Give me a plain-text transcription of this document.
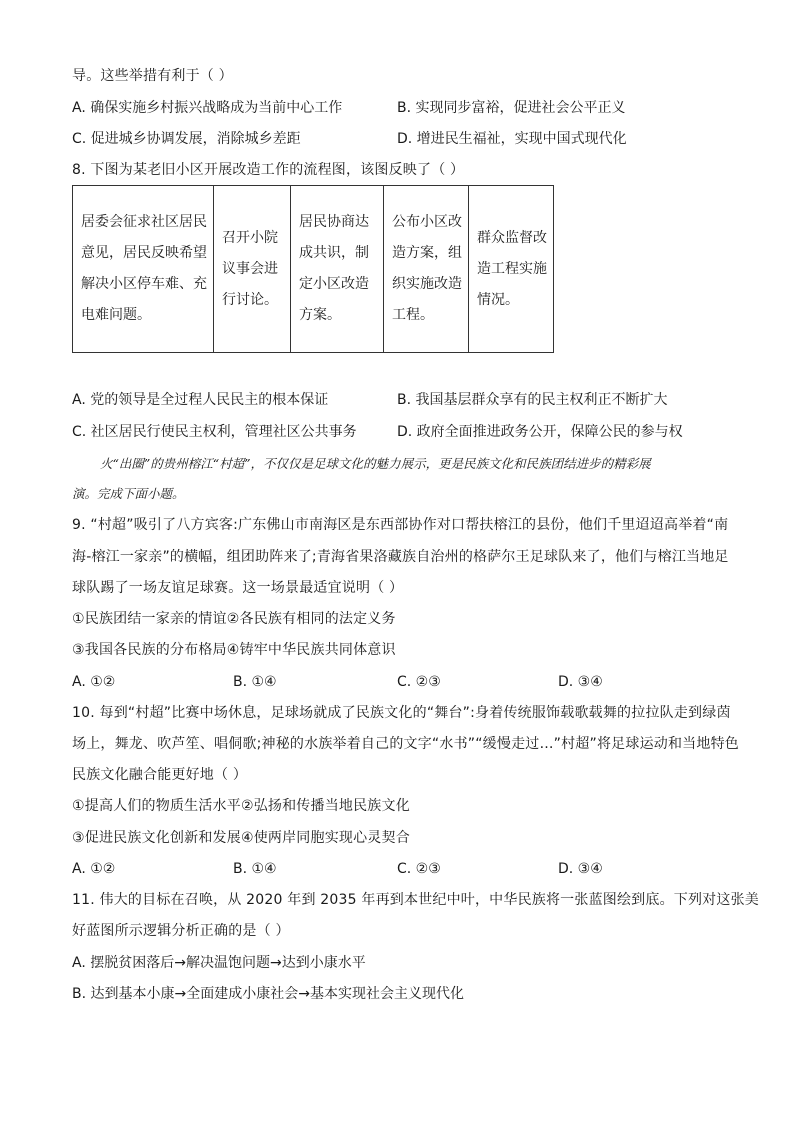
导。这些举措有利于（ ）
A. 确保实施乡村振兴战略成为当前中心工作	B. 实现同步富裕，促进社会公平正义
C. 促进城乡协调发展，消除城乡差距	D. 增进民生福祉，实现中国式现代化
8. 下图为某老旧小区开展改造工作的流程图，该图反映了（ ）
居委会征求社区居民意见，居民反映希望解决小区停车难、充电难问题。

召开小院议事会进行讨论。

居民协商达成共识，制定小区改造方案。

公布小区改造方案，组织实施改造工程。

群众监督改造工程实施情况。
A. 党的领导是全过程人民民主的根本保证	B. 我国基层群众享有的民主权利正不断扩大
C. 社区居民行使民主权利，管理社区公共事务	D. 政府全面推进政务公开，保障公民的参与权
火“出圈”的贵州榕江“村超”，不仅仅是足球文化的魅力展示，更是民族文化和民族团结进步的精彩展
演。完成下面小题。
9. “村超”吸引了八方宾客:广东佛山市南海区是东西部协作对口帮扶榕江的县份，他们千里迢迢高举着“南
海-榕江一家亲”的横幅，组团助阵来了;青海省果洛藏族自治州的格萨尔王足球队来了，他们与榕江当地足
球队踢了一场友谊足球赛。这一场景最适宜说明（ ）
①民族团结一家亲的情谊②各民族有相同的法定义务
③我国各民族的分布格局④铸牢中华民族共同体意识
A. ①②	B. ①④	C. ②③	D. ③④
10. 每到“村超”比赛中场休息，足球场就成了民族文化的“舞台”:身着传统服饰载歌载舞的拉拉队走到绿茵
场上，舞龙、吹芦笙、唱侗歌;神秘的水族举着自己的文字“水书”“缓慢走过…”村超”将足球运动和当地特色
民族文化融合能更好地（ ）
①提高人们的物质生活水平②弘扬和传播当地民族文化
③促进民族文化创新和发展④使两岸同胞实现心灵契合
A. ①②	B. ①④	C. ②③	D. ③④
11. 伟大的目标在召唤，从 2020 年到 2035 年再到本世纪中叶，中华民族将一张蓝图绘到底。下列对这张美
好蓝图所示逻辑分析正确的是（ ）
A. 摆脱贫困落后→解决温饱问题→达到小康水平
B. 达到基本小康→全面建成小康社会→基本实现社会主义现代化
